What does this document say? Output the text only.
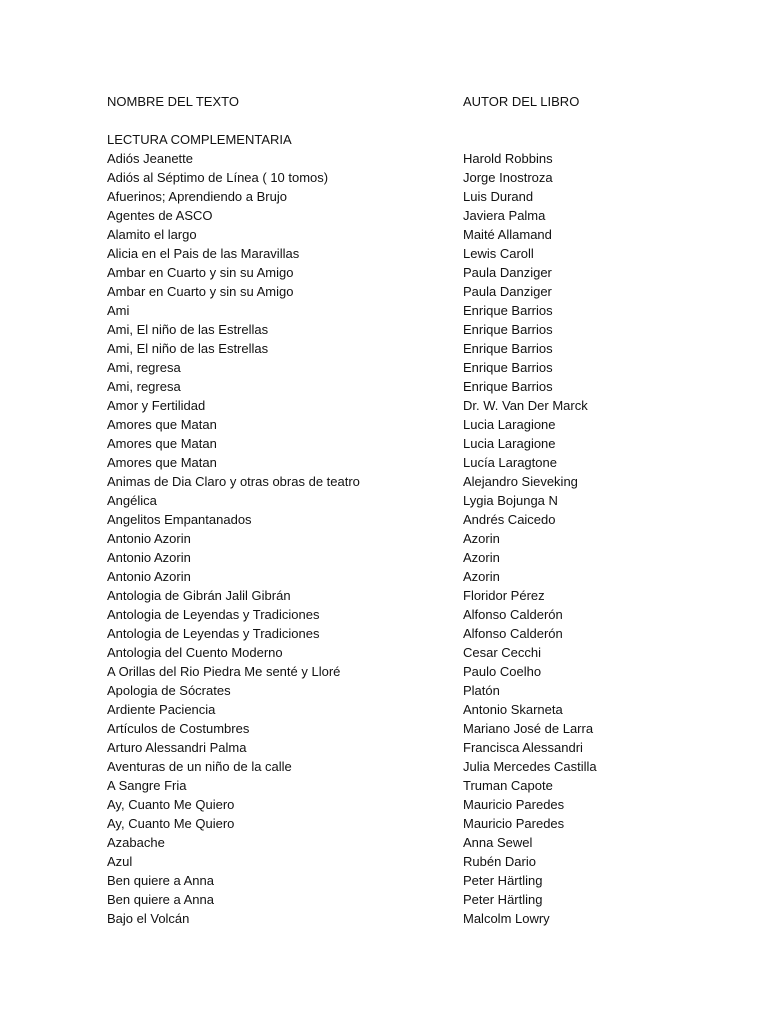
NOMBRE DEL TEXTO	AUTOR DEL LIBRO
LECTURA COMPLEMENTARIA
Adiós Jeanette	Harold Robbins
Adiós al Séptimo de Línea ( 10 tomos)	Jorge Inostroza
Afuerinos; Aprendiendo a Brujo	Luis Durand
Agentes de ASCO	Javiera Palma
Alamito el largo	Maité Allamand
Alicia en el Pais de las Maravillas	Lewis Caroll
Ambar en Cuarto y sin su Amigo	Paula Danziger
Ambar en Cuarto y sin su Amigo	Paula Danziger
Ami	Enrique Barrios
Ami, El niño de las Estrellas	Enrique Barrios
Ami, El niño de las Estrellas	Enrique Barrios
Ami, regresa	Enrique Barrios
Ami, regresa	Enrique Barrios
Amor y Fertilidad	Dr. W. Van Der Marck
Amores que Matan	Lucia Laragione
Amores que Matan	Lucia Laragione
Amores que Matan	Lucía Laragtone
Animas de Dia Claro y otras obras de teatro	Alejandro Sieveking
Angélica	Lygia Bojunga N
Angelitos Empantanados	Andrés Caicedo
Antonio Azorin	Azorin
Antonio Azorin	Azorin
Antonio Azorin	Azorin
Antologia de Gibrán Jalil Gibrán	Floridor Pérez
Antologia de Leyendas y Tradiciones	Alfonso Calderón
Antologia de Leyendas y Tradiciones	Alfonso Calderón
Antologia del Cuento Moderno	Cesar Cecchi
A Orillas del Rio Piedra Me senté y Lloré	Paulo Coelho
Apologia de Sócrates	Platón
Ardiente Paciencia	Antonio Skarneta
Artículos de Costumbres	Mariano José de Larra
Arturo Alessandri Palma	Francisca Alessandri
Aventuras de un niño de la calle	Julia Mercedes Castilla
A Sangre Fria	Truman Capote
Ay, Cuanto Me Quiero	Mauricio Paredes
Ay, Cuanto Me Quiero	Mauricio Paredes
Azabache	Anna Sewel
Azul	Rubén Dario
Ben quiere a Anna	Peter Härtling
Ben quiere a Anna	Peter Härtling
Bajo el Volcán	Malcolm Lowry
